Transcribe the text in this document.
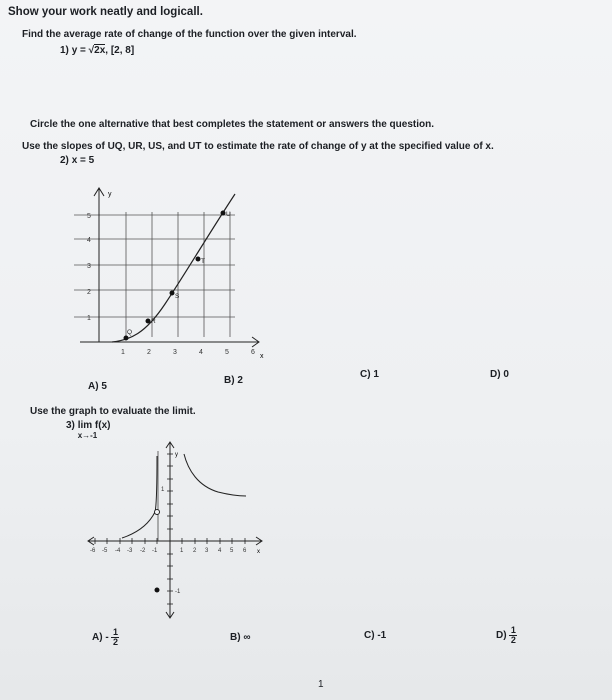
Show your work neatly and logicall.
Find the average rate of change of the function over the given interval.
1) y = √2x, [2, 8]
Circle the one alternative that best completes the statement or answers the question.
Use the slopes of UQ, UR, US, and UT to estimate the rate of change of y at the specified value of x.
2) x = 5
y
x
1	2	3	4	5	6
1
2
3
4
5
Q
R
S
T
U
A) 5
B) 2
C) 1	D) 0
Use the graph to evaluate the limit.
3) lim f(x)
x→-1
y
x
-6 -5 -4 -3 -2 -1	1 2 3 4 5 6
1
-1
$A) - \frac{1}{2}$	B) ∞	C) -1	$D) \frac{1}{2}$
1
